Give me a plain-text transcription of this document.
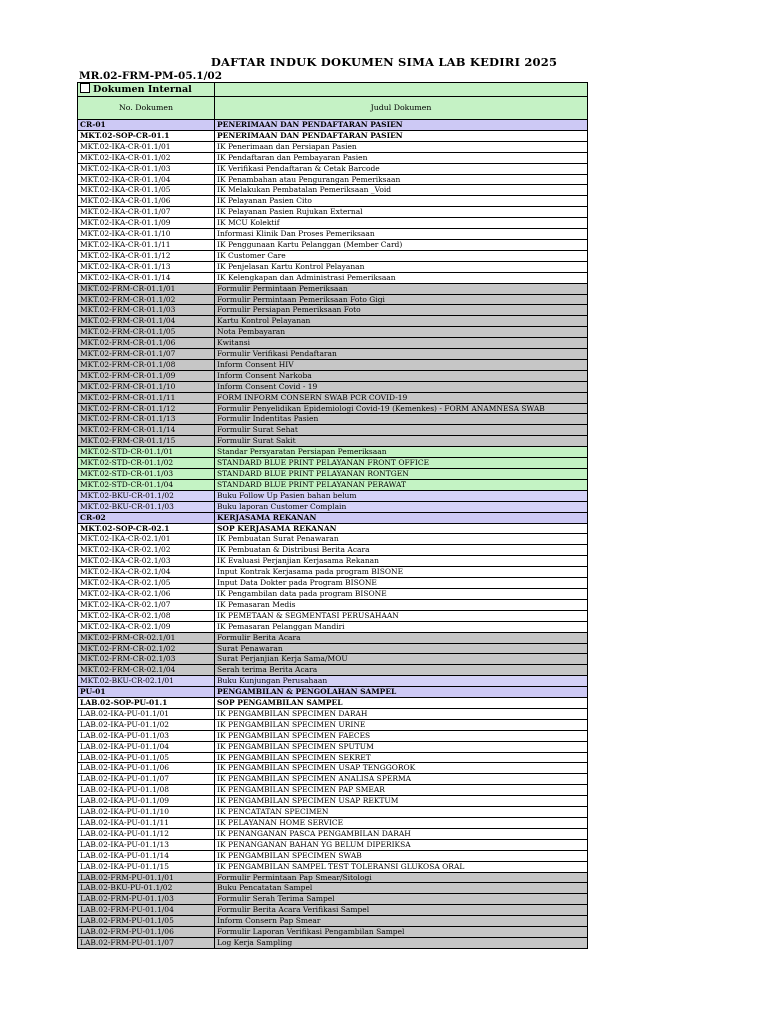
DAFTAR INDUK DOKUMEN SIMA LAB KEDIRI 2025
MR.02-FRM-PM-05.1/02
Dokumen Internal	
No. Dokumen	Judul Dokumen
CR-01	PENERIMAAN DAN PENDAFTARAN PASIEN
MKT.02-SOP-CR-01.1	PENERIMAAN DAN PENDAFTARAN PASIEN
MKT.02-IKA-CR-01.1/01	IK Penerimaan dan Persiapan Pasien
MKT.02-IKA-CR-01.1/02	IK Pendaftaran dan Pembayaran Pasien
MKT.02-IKA-CR-01.1/03	IK Verifikasi Pendaftaran & Cetak Barcode
MKT.02-IKA-CR-01.1/04	IK Penambahan atau Pengurangan Pemeriksaan
MKT.02-IKA-CR-01.1/05	IK Melakukan Pembatalan Pemeriksaan _Void
MKT.02-IKA-CR-01.1/06	IK Pelayanan Pasien Cito
MKT.02-IKA-CR-01.1/07	IK Pelayanan Pasien Rujukan External
MKT.02-IKA-CR-01.1/09	IK MCU Kolektif
MKT.02-IKA-CR-01.1/10	Informasi Klinik Dan Proses Pemeriksaan
MKT.02-IKA-CR-01.1/11	IK Penggunaan Kartu Pelanggan (Member Card)
MKT.02-IKA-CR-01.1/12	IK Customer Care
MKT.02-IKA-CR-01.1/13	IK Penjelasan Kartu Kontrol Pelayanan
MKT.02-IKA-CR-01.1/14	IK Kelengkapan dan Administrasi Pemeriksaan
MKT.02-FRM-CR-01.1/01	Formulir Permintaan Pemeriksaan
MKT.02-FRM-CR-01.1/02	Formulir Permintaan Pemeriksaan Foto Gigi
MKT.02-FRM-CR-01.1/03	Formulir Persiapan Pemeriksaan Foto
MKT.02-FRM-CR-01.1/04	Kartu Kontrol Pelayanan
MKT.02-FRM-CR-01.1/05	Nota Pembayaran
MKT.02-FRM-CR-01.1/06	Kwitansi
MKT.02-FRM-CR-01.1/07	Formulir Verifikasi Pendaftaran
MKT.02-FRM-CR-01.1/08	Inform Consent HIV
MKT.02-FRM-CR-01.1/09	Inform Consent Narkoba
MKT.02-FRM-CR-01.1/10	Inform Consent Covid - 19
MKT.02-FRM-CR-01.1/11	FORM INFORM CONSERN SWAB PCR COVID-19
MKT.02-FRM-CR-01.1/12	Formulir Penyelidikan Epidemiologi Covid-19 (Kemenkes) - FORM ANAMNESA SWAB
MKT.02-FRM-CR-01.1/13	Formulir Indentitas Pasien
MKT.02-FRM-CR-01.1/14	Formulir Surat Sehat
MKT.02-FRM-CR-01.1/15	Formulir Surat Sakit
MKT.02-STD-CR-01.1/01	Standar Persyaratan Persiapan Pemeriksaan
MKT.02-STD-CR-01.1/02	STANDARD BLUE PRINT PELAYANAN FRONT OFFICE
MKT.02-STD-CR-01.1/03	STANDARD BLUE PRINT PELAYANAN RONTGEN
MKT.02-STD-CR-01.1/04	STANDARD BLUE PRINT PELAYANAN PERAWAT
MKT.02-BKU-CR-01.1/02	Buku Follow Up Pasien bahan belum
MKT.02-BKU-CR-01.1/03	Buku laporan Customer Complain
CR-02	KERJASAMA REKANAN
MKT.02-SOP-CR-02.1	SOP KERJASAMA REKANAN
MKT.02-IKA-CR-02.1/01	IK Pembuatan Surat Penawaran
MKT.02-IKA-CR-02.1/02	IK Pembuatan & Distribusi Berita Acara
MKT.02-IKA-CR-02.1/03	IK Evaluasi Perjanjian Kerjasama Rekanan
MKT.02-IKA-CR-02.1/04	Input Kontrak Kerjasama pada program BISONE
MKT.02-IKA-CR-02.1/05	Input Data Dokter pada Program BISONE
MKT.02-IKA-CR-02.1/06	IK Pengambilan data pada program BISONE
MKT.02-IKA-CR-02.1/07	IK Pemasaran Medis
MKT.02-IKA-CR-02.1/08	IK PEMETAAN & SEGMENTASI PERUSAHAAN
MKT.02-IKA-CR-02.1/09	IK Pemasaran Pelanggan Mandiri
MKT.02-FRM-CR-02.1/01	Formulir Berita Acara
MKT.02-FRM-CR-02.1/02	Surat Penawaran
MKT.02-FRM-CR-02.1/03	Surat Perjanjian Kerja Sama/MOU
MKT.02-FRM-CR-02.1/04	Serah terima Berita Acara
MKT.02-BKU-CR-02.1/01	Buku Kunjungan Perusahaan
PU-01	PENGAMBILAN & PENGOLAHAN SAMPEL
LAB.02-SOP-PU-01.1	SOP PENGAMBILAN SAMPEL
LAB.02-IKA-PU-01.1/01	IK PENGAMBILAN SPECIMEN DARAH
LAB.02-IKA-PU-01.1/02	IK PENGAMBILAN SPECIMEN URINE
LAB.02-IKA-PU-01.1/03	IK PENGAMBILAN SPECIMEN FAECES
LAB.02-IKA-PU-01.1/04	IK PENGAMBILAN SPECIMEN SPUTUM
LAB.02-IKA-PU-01.1/05	IK PENGAMBILAN SPECIMEN SEKRET
LAB.02-IKA-PU-01.1/06	IK PENGAMBILAN SPECIMEN USAP TENGGOROK
LAB.02-IKA-PU-01.1/07	IK PENGAMBILAN SPECIMEN ANALISA SPERMA
LAB.02-IKA-PU-01.1/08	IK PENGAMBILAN SPECIMEN PAP SMEAR
LAB.02-IKA-PU-01.1/09	IK PENGAMBILAN SPECIMEN USAP REKTUM
LAB.02-IKA-PU-01.1/10	IK PENCATATAN SPECIMEN
LAB.02-IKA-PU-01.1/11	IK PELAYANAN HOME SERVICE
LAB.02-IKA-PU-01.1/12	IK PENANGANAN PASCA PENGAMBILAN DARAH
LAB.02-IKA-PU-01.1/13	IK PENANGANAN BAHAN YG BELUM DIPERIKSA
LAB.02-IKA-PU-01.1/14	IK PENGAMBILAN SPECIMEN SWAB
LAB.02-IKA-PU-01.1/15	IK PENGAMBILAN SAMPEL TEST TOLERANSI GLUKOSA ORAL
LAB.02-FRM-PU-01.1/01	Formulir Permintaan Pap Smear/Sitologi
LAB.02-BKU-PU-01.1/02	Buku Pencatatan Sampel
LAB.02-FRM-PU-01.1/03	Formulir Serah Terima Sampel
LAB.02-FRM-PU-01.1/04	Formulir Berita Acara Verifikasi Sampel
LAB.02-FRM-PU-01.1/05	Inform Consern Pap Smear
LAB.02-FRM-PU-01.1/06	Formulir Laporan Verifikasi Pengambilan Sampel
LAB.02-FRM-PU-01.1/07	Log Kerja Sampling
